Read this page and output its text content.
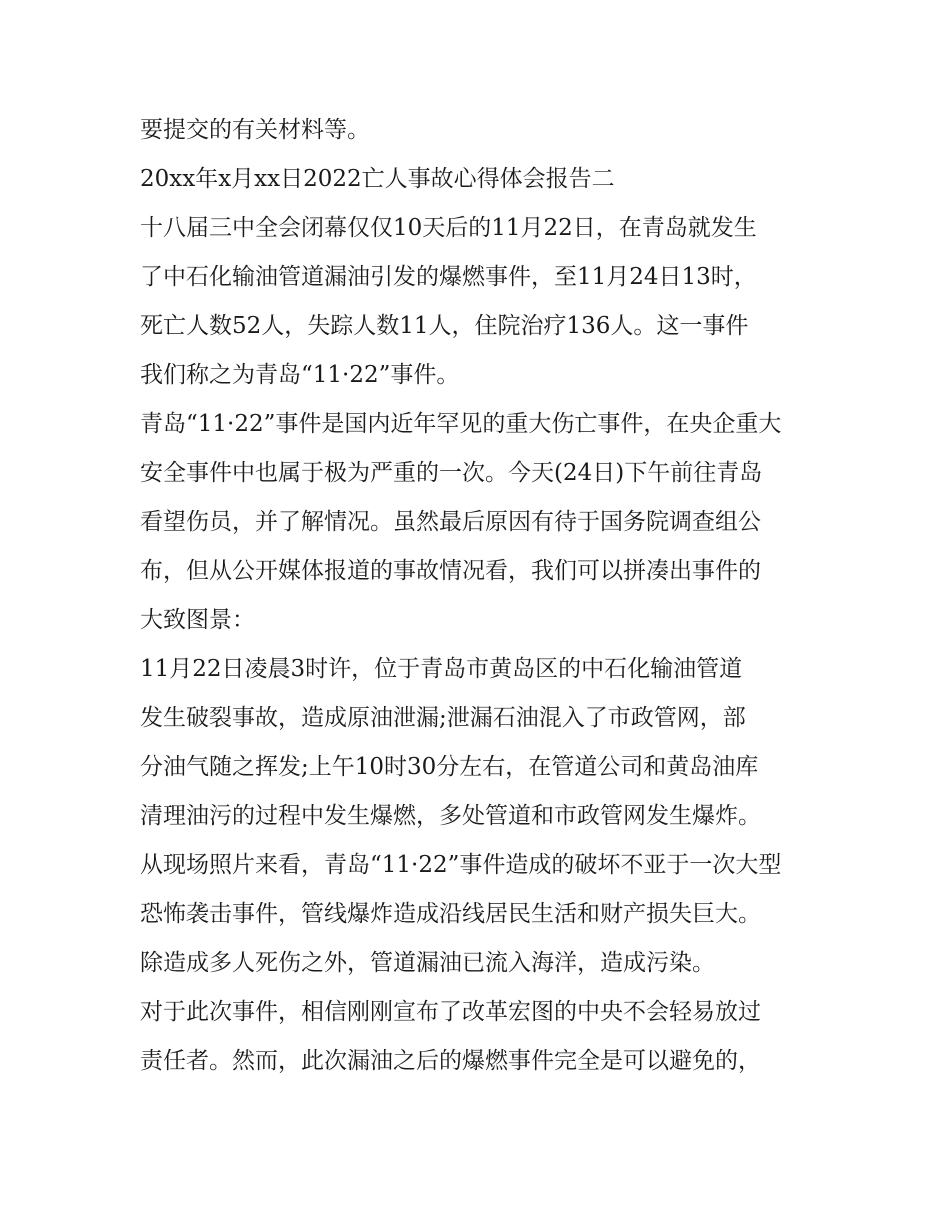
要提交的有关材料等。
20xx年x月xx日2022亡人事故心得体会报告二
十八届三中全会闭幕仅仅10天后的11月22日，在青岛就发生
了中石化输油管道漏油引发的爆燃事件，至11月24日13时，
死亡人数52人，失踪人数11人，住院治疗136人。这一事件
我们称之为青岛“11·22”事件。
青岛“11·22”事件是国内近年罕见的重大伤亡事件，在央企重大
安全事件中也属于极为严重的一次。今天(24日)下午前往青岛
看望伤员，并了解情况。虽然最后原因有待于国务院调查组公
布，但从公开媒体报道的事故情况看，我们可以拼凑出事件的
大致图景：
11月22日凌晨3时许，位于青岛市黄岛区的中石化输油管道
发生破裂事故，造成原油泄漏;泄漏石油混入了市政管网，部
分油气随之挥发;上午10时30分左右，在管道公司和黄岛油库
清理油污的过程中发生爆燃，多处管道和市政管网发生爆炸。
从现场照片来看，青岛“11·22”事件造成的破坏不亚于一次大型
恐怖袭击事件，管线爆炸造成沿线居民生活和财产损失巨大。
除造成多人死伤之外，管道漏油已流入海洋，造成污染。
对于此次事件，相信刚刚宣布了改革宏图的中央不会轻易放过
责任者。然而，此次漏油之后的爆燃事件完全是可以避免的，
